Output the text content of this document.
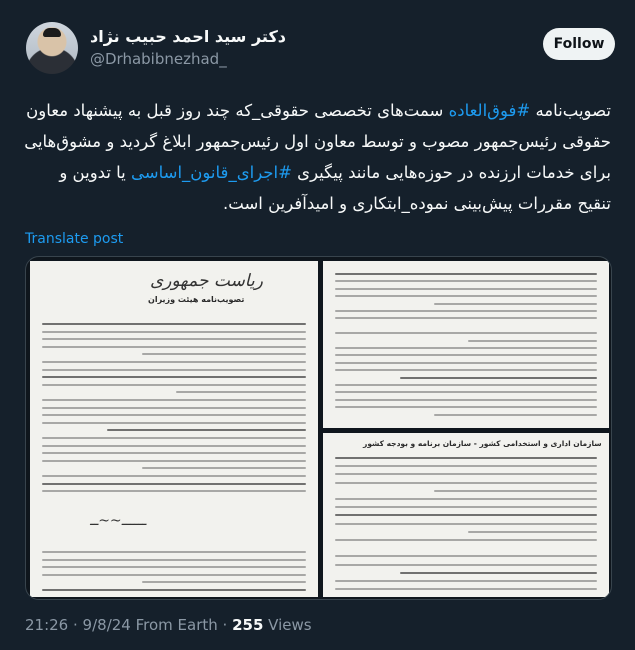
دکتر سید احمد حبیب نژاد
@Drhabibnezhad_
Follow
تصویب‌نامه #فوق‌العاده سمت‌های تخصصی حقوقی_که چند روز قبل به پیشنهاد معاون حقوقی رئیس‌جمهور مصوب و توسط معاون اول رئیس‌جمهور ابلاغ گردید و مشوق‌هایی برای خدمات ارزنده در حوزه‌هایی مانند پیگیری #اجرای_قانون_اساسی یا تدوین و تنقیح مقررات پیش‌بینی نموده_ابتکاری و امیدآفرین است.
Translate post
ریاست جمهوری
تصویب‌نامه هیئت وزیران
ــــــ~~ــ
سازمان اداری و استخدامی کشور - سازمان برنامه و بودجه کشور
21:26 · 9/8/24 From Earth · 255 Views
